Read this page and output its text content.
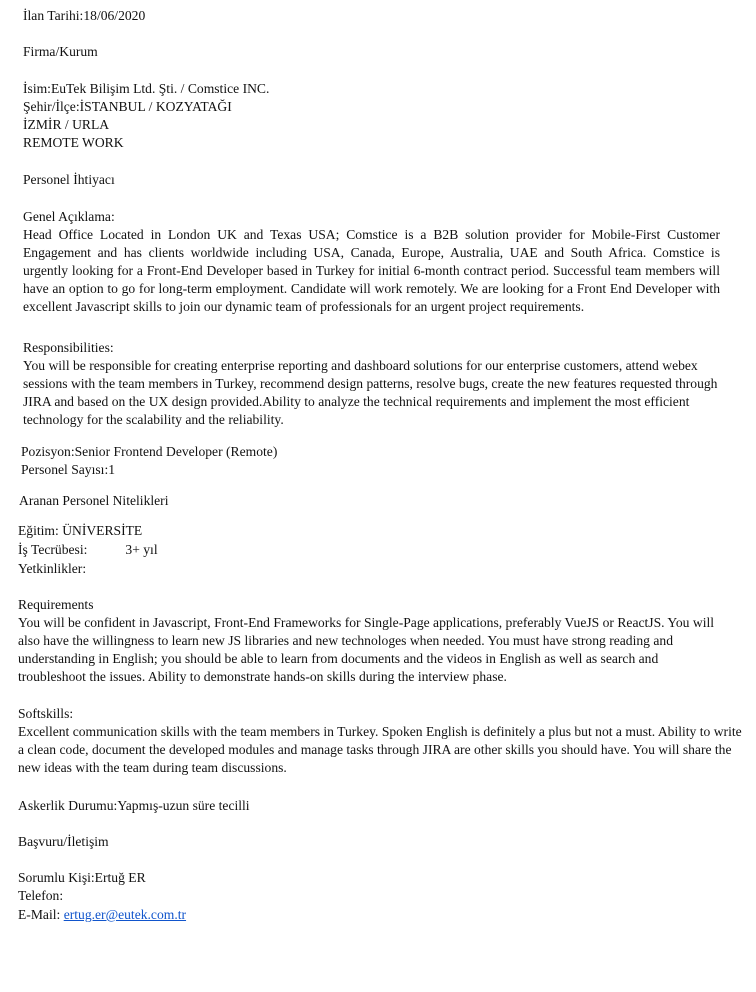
İlan Tarihi:18/06/2020

Firma/Kurum

İsim:EuTek Bilişim Ltd. Şti. / Comstice INC.

Şehir/İlçe:İSTANBUL / KOZYATAĞI

İZMİR / URLA

REMOTE WORK

Personel İhtiyacı

Genel Açıklama:

Head Office Located in London UK and Texas USA; Comstice is a B2B solution provider for Mobile-First Customer Engagement and has clients worldwide including USA, Canada, Europe, Australia, UAE and South Africa. Comstice is urgently looking for a Front-End Developer based in Turkey for initial 6-month contract period. Successful team members will have an option to go for long-term employment. Candidate will work remotely. We are looking for a Front End Developer with excellent Javascript skills to join our dynamic team of professionals for an urgent project requirements.

Responsibilities:

You will be responsible for creating enterprise reporting and dashboard solutions for our enterprise customers, attend webex sessions with the team members in Turkey, recommend design patterns, resolve bugs, create the new features requested through JIRA and based on the UX design provided.Ability to analyze the technical requirements and implement the most efficient technology for the scalability and the reliability.

Pozisyon:Senior Frontend Developer (Remote)

Personel Sayısı:1

Aranan Personel Nitelikleri

Eğitim: ÜNİVERSİTE

İş Tecrübesi:	3+ yıl

Yetkinlikler:

Requirements

You will be confident in Javascript, Front-End Frameworks for Single-Page applications, preferably VueJS or ReactJS. You will also have the willingness to learn new JS libraries and new technologes when needed. You must have strong reading and understanding in English; you should be able to learn from documents and the videos in English as well as search and troubleshoot the issues. Ability to demonstrate hands-on skills during the interview phase.

Softskills:

Excellent communication skills with the team members in Turkey. Spoken English is definitely a plus but not a must. Ability to write a clean code, document the developed modules and manage tasks through JIRA are other skills you should have. You will share the new ideas with the team during team discussions.

Askerlik Durumu:Yapmış-uzun süre tecilli

Başvuru/İletişim

Sorumlu Kişi:Ertuğ ER

Telefon:

E-Mail: ertug.er@eutek.com.tr
